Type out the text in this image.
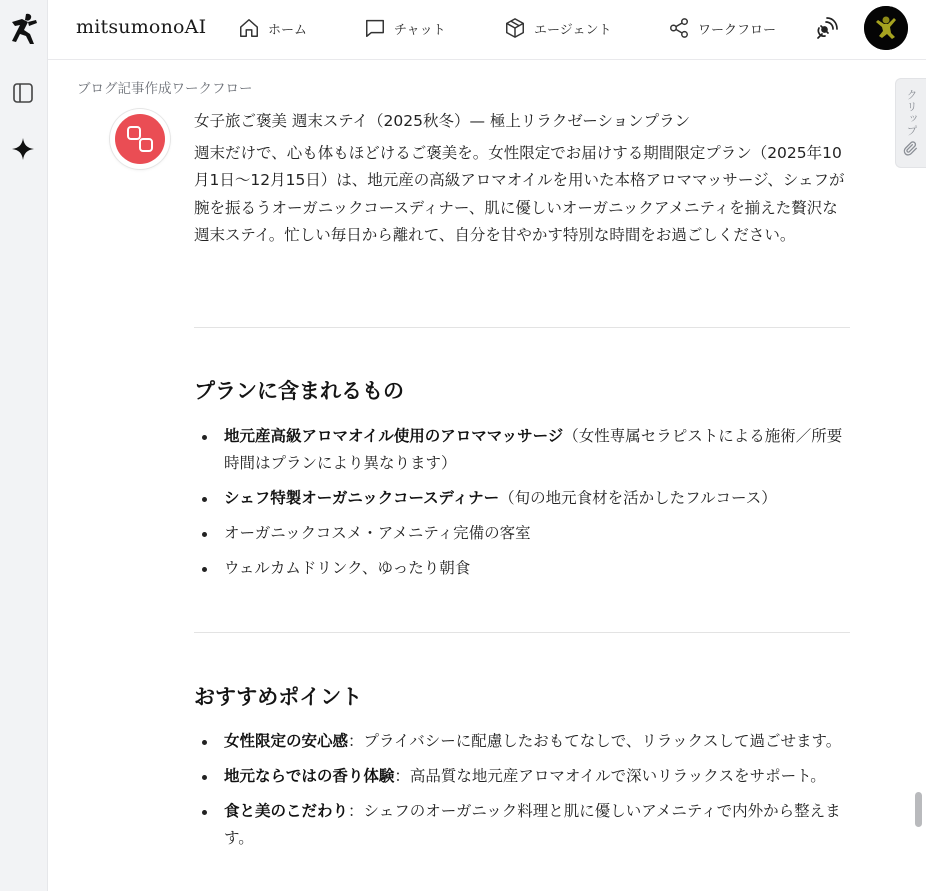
mitsumonoAI	ホーム	チャット	エージェント	ワークフロー
ブログ記事作成ワークフロー
女子旅ご褒美 週末ステイ（2025秋冬）— 極上リラクゼーションプラン
週末だけで、心も体もほどけるご褒美を。女性限定でお届けする期間限定プラン（2025年10月1日〜12月15日）は、地元産の高級アロマオイルを用いた本格アロママッサージ、シェフが腕を振るうオーガニックコースディナー、肌に優しいオーガニックアメニティを揃えた贅沢な週末ステイ。忙しい毎日から離れて、自分を甘やかす特別な時間をお過ごしください。
プランに含まれるもの
地元産高級アロマオイル使用のアロママッサージ（女性専属セラピストによる施術／所要時間はプランにより異なります）
シェフ特製オーガニックコースディナー（旬の地元食材を活かしたフルコース）
オーガニックコスメ・アメニティ完備の客室
ウェルカムドリンク、ゆったり朝食
おすすめポイント
女性限定の安心感：プライバシーに配慮したおもてなしで、リラックスして過ごせます。
地元ならではの香り体験：高品質な地元産アロマオイルで深いリラックスをサポート。
食と美のこだわり：シェフのオーガニック料理と肌に優しいアメニティで内外から整えます。
クリップ
